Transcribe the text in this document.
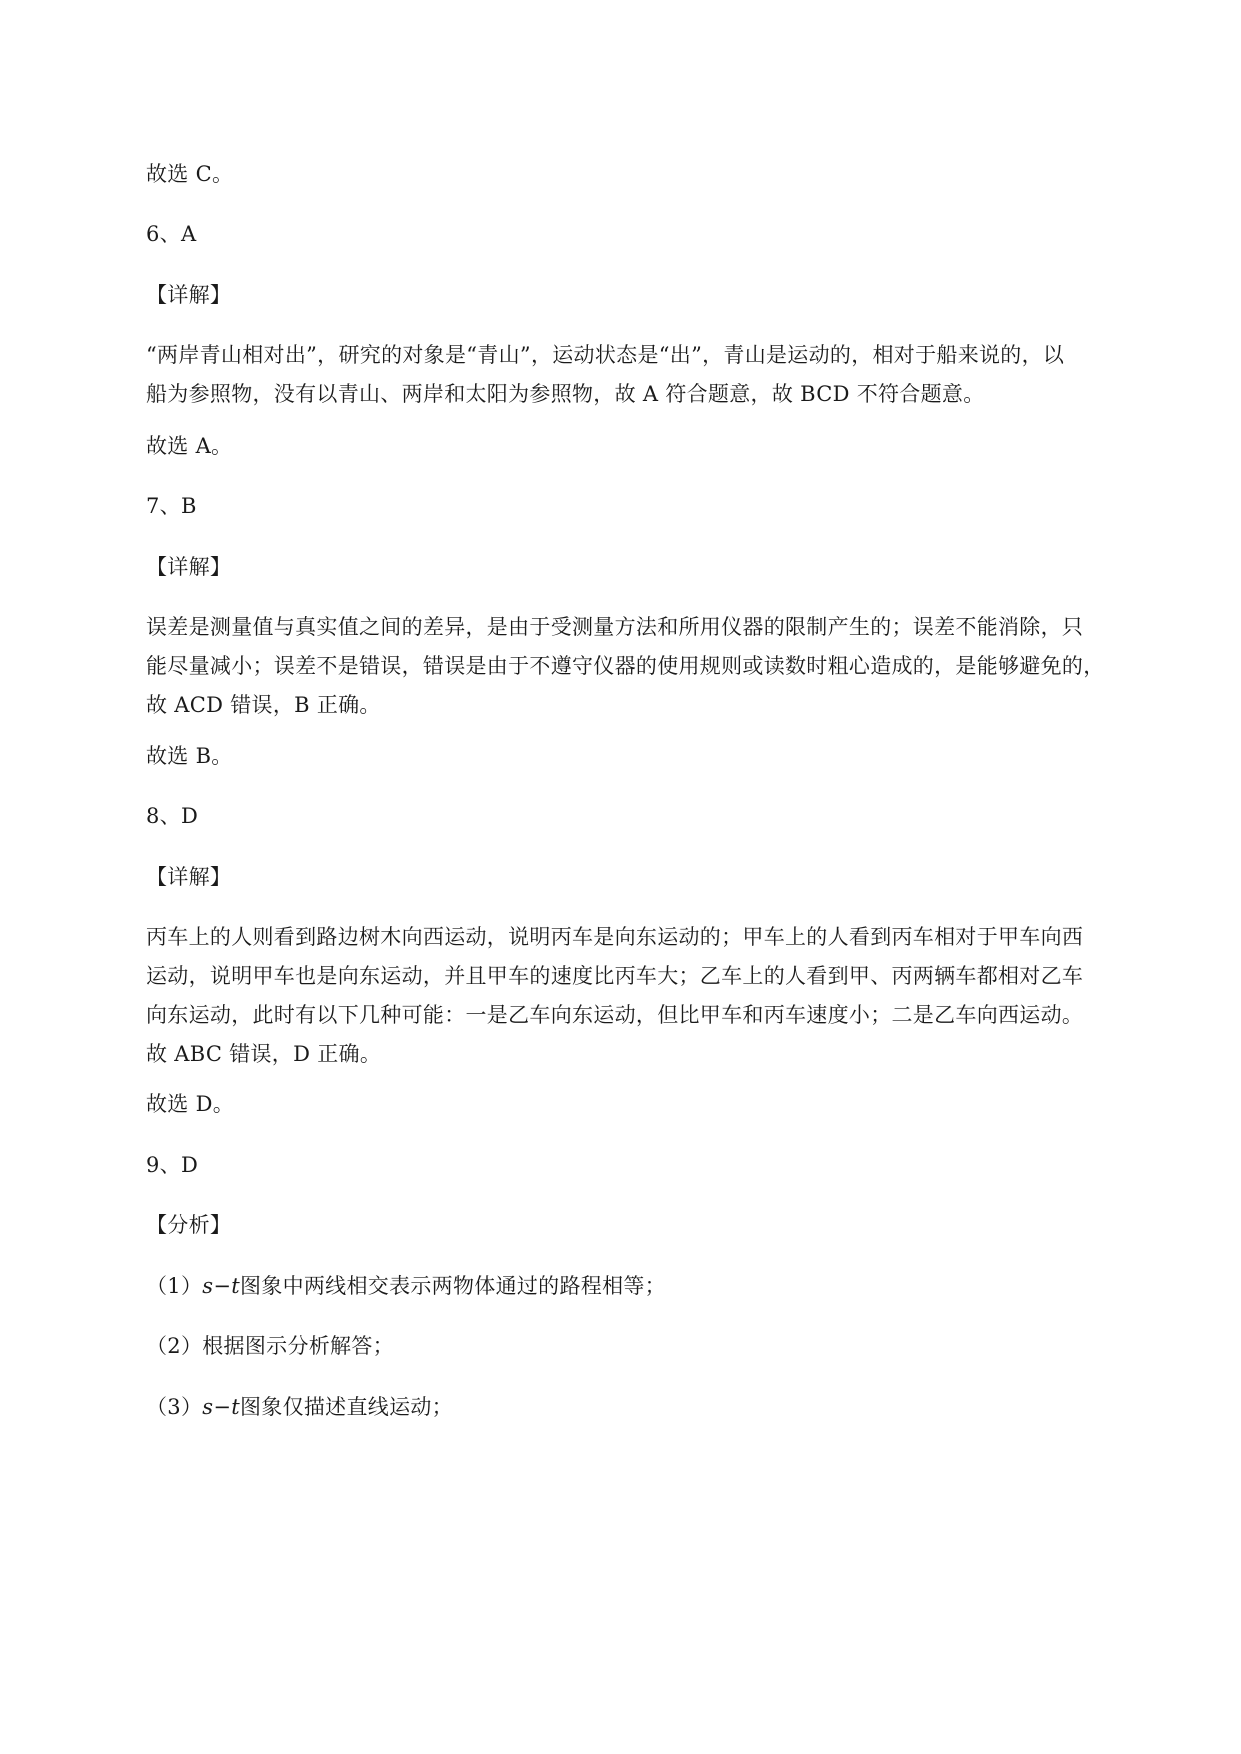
故选 C。
6、A
【详解】
“两岸青山相对出”，研究的对象是“青山”，运动状态是“出”，青山是运动的，相对于船来说的，以
船为参照物，没有以青山、两岸和太阳为参照物，故 A 符合题意，故 BCD 不符合题意。
故选 A。
7、B
【详解】
误差是测量值与真实值之间的差异，是由于受测量方法和所用仪器的限制产生的；误差不能消除，只
能尽量减小；误差不是错误，错误是由于不遵守仪器的使用规则或读数时粗心造成的，是能够避免的，
故 ACD 错误，B 正确。
故选 B。
8、D
【详解】
丙车上的人则看到路边树木向西运动，说明丙车是向东运动的；甲车上的人看到丙车相对于甲车向西
运动，说明甲车也是向东运动，并且甲车的速度比丙车大；乙车上的人看到甲、丙两辆车都相对乙车
向东运动，此时有以下几种可能：一是乙车向东运动，但比甲车和丙车速度小；二是乙车向西运动。
故 ABC 错误，D 正确。
故选 D。
9、D
【分析】
（1）s−t图象中两线相交表示两物体通过的路程相等；
（2）根据图示分析解答；
（3）s−t图象仅描述直线运动；
